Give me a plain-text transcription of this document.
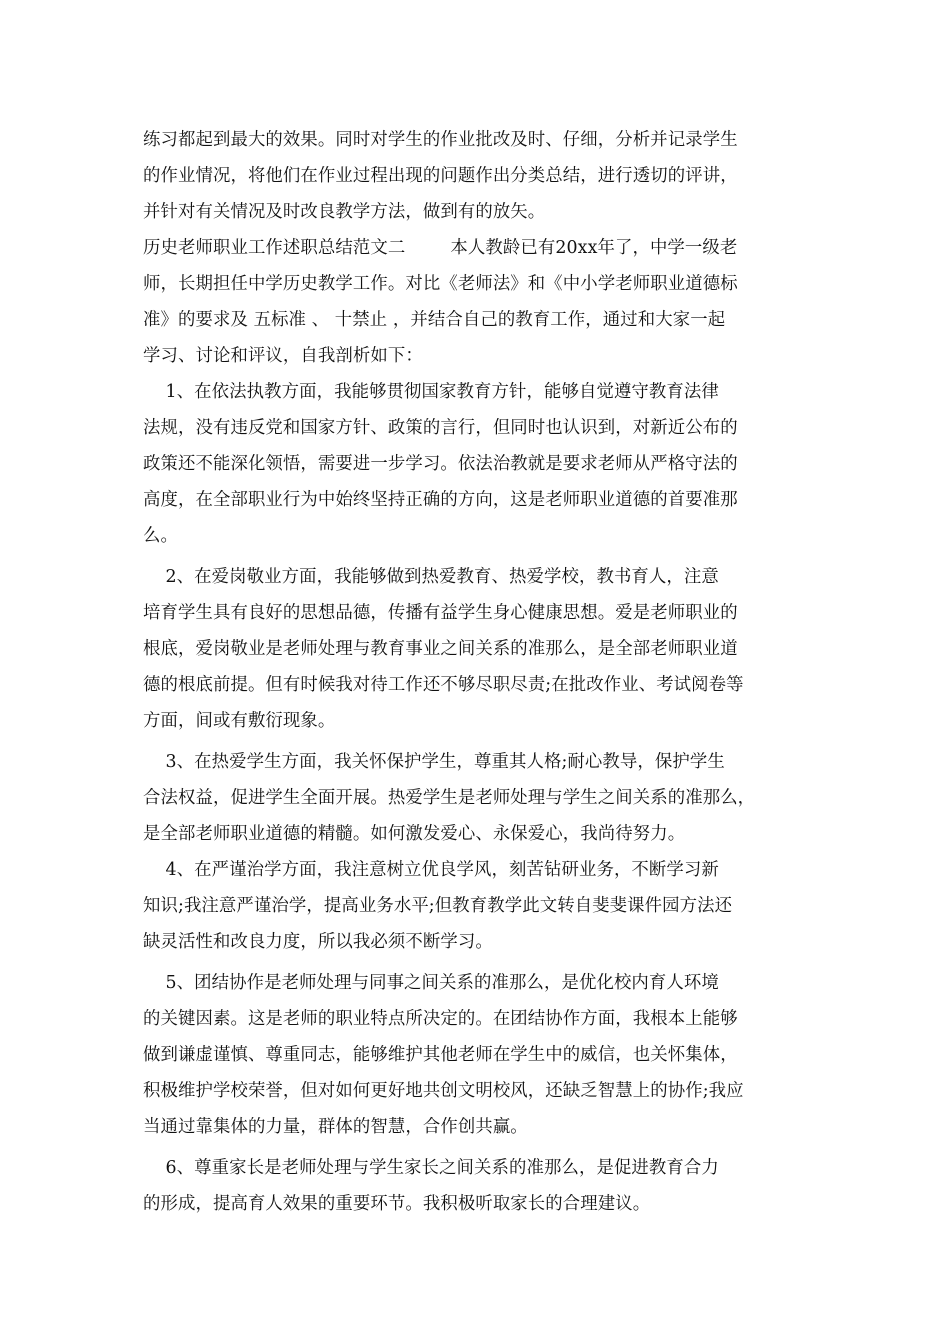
练习都起到最大的效果。同时对学生的作业批改及时、仔细，分析并记录学生
的作业情况，将他们在作业过程出现的问题作出分类总结，进行透切的评讲，
并针对有关情况及时改良教学方法，做到有的放矢。
历史老师职业工作述职总结范文二        本人教龄已有20xx年了，中学一级老
师，长期担任中学历史教学工作。对比《老师法》和《中小学老师职业道德标
准》的要求及 五标准 、 十禁止 ，并结合自己的教育工作，通过和大家一起
学习、讨论和评议，自我剖析如下：
1、在依法执教方面，我能够贯彻国家教育方针，能够自觉遵守教育法律
法规，没有违反党和国家方针、政策的言行，但同时也认识到，对新近公布的
政策还不能深化领悟，需要进一步学习。依法治教就是要求老师从严格守法的
高度，在全部职业行为中始终坚持正确的方向，这是老师职业道德的首要准那
么。
2、在爱岗敬业方面，我能够做到热爱教育、热爱学校，教书育人，注意
培育学生具有良好的思想品德，传播有益学生身心健康思想。爱是老师职业的
根底，爱岗敬业是老师处理与教育事业之间关系的准那么，是全部老师职业道
德的根底前提。但有时候我对待工作还不够尽职尽责;在批改作业、考试阅卷等
方面，间或有敷衍现象。
3、在热爱学生方面，我关怀保护学生，尊重其人格;耐心教导，保护学生
合法权益，促进学生全面开展。热爱学生是老师处理与学生之间关系的准那么，
是全部老师职业道德的精髓。如何激发爱心、永保爱心，我尚待努力。
4、在严谨治学方面，我注意树立优良学风，刻苦钻研业务，不断学习新
知识;我注意严谨治学，提高业务水平;但教育教学此文转自斐斐课件园方法还
缺灵活性和改良力度，所以我必须不断学习。
5、团结协作是老师处理与同事之间关系的准那么，是优化校内育人环境
的关键因素。这是老师的职业特点所决定的。在团结协作方面，我根本上能够
做到谦虚谨慎、尊重同志，能够维护其他老师在学生中的威信，也关怀集体，
积极维护学校荣誉，但对如何更好地共创文明校风，还缺乏智慧上的协作;我应
当通过靠集体的力量，群体的智慧，合作创共赢。
6、尊重家长是老师处理与学生家长之间关系的准那么，是促进教育合力
的形成，提高育人效果的重要环节。我积极听取家长的合理建议。
